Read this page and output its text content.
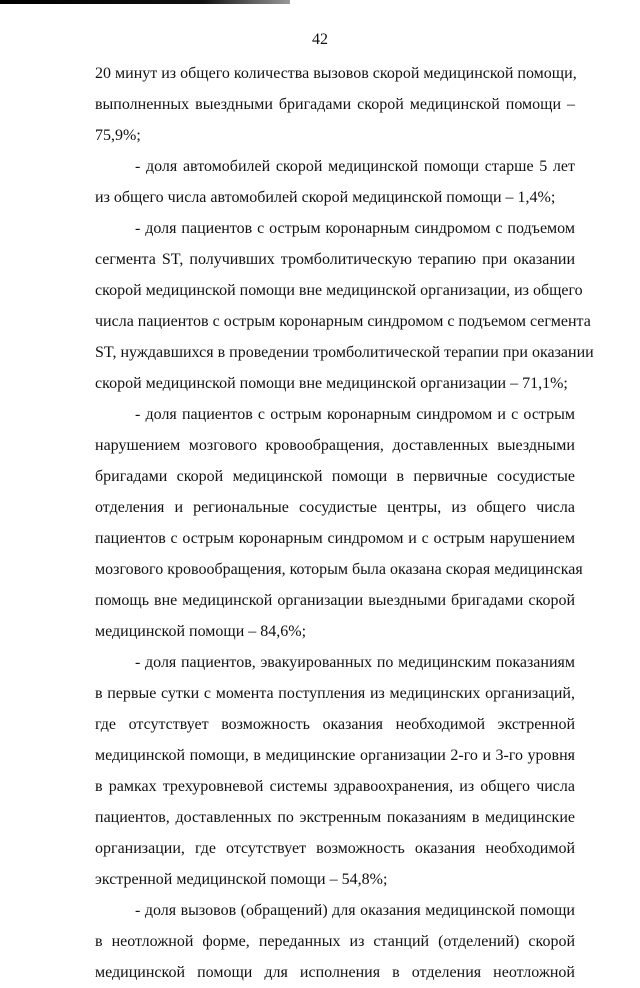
42
20 минут из общего количества вызовов скорой медицинской помощи,
выполненных выездными бригадами скорой медицинской помощи –
75,9%;
- доля автомобилей скорой медицинской помощи старше 5 лет
из общего числа автомобилей скорой медицинской помощи – 1,4%;
- доля пациентов с острым коронарным синдромом с подъемом
сегмента ST, получивших тромболитическую терапию при оказании
скорой медицинской помощи вне медицинской организации, из общего
числа пациентов с острым коронарным синдромом с подъемом сегмента
ST, нуждавшихся в проведении тромболитической терапии при оказании
скорой медицинской помощи вне медицинской организации – 71,1%;
- доля пациентов с острым коронарным синдромом и с острым
нарушением мозгового кровообращения, доставленных выездными
бригадами скорой медицинской помощи в первичные сосудистые
отделения и региональные сосудистые центры, из общего числа
пациентов с острым коронарным синдромом и с острым нарушением
мозгового кровообращения, которым была оказана скорая медицинская
помощь вне медицинской организации выездными бригадами скорой
медицинской помощи – 84,6%;
- доля пациентов, эвакуированных по медицинским показаниям
в первые сутки с момента поступления из медицинских организаций,
где отсутствует возможность оказания необходимой экстренной
медицинской помощи, в медицинские организации 2-го и 3-го уровня
в рамках трехуровневой системы здравоохранения, из общего числа
пациентов, доставленных по экстренным показаниям в медицинские
организации, где отсутствует возможность оказания необходимой
экстренной медицинской помощи – 54,8%;
- доля вызовов (обращений) для оказания медицинской помощи
в неотложной форме, переданных из станций (отделений) скорой
медицинской помощи для исполнения в отделения неотложной
